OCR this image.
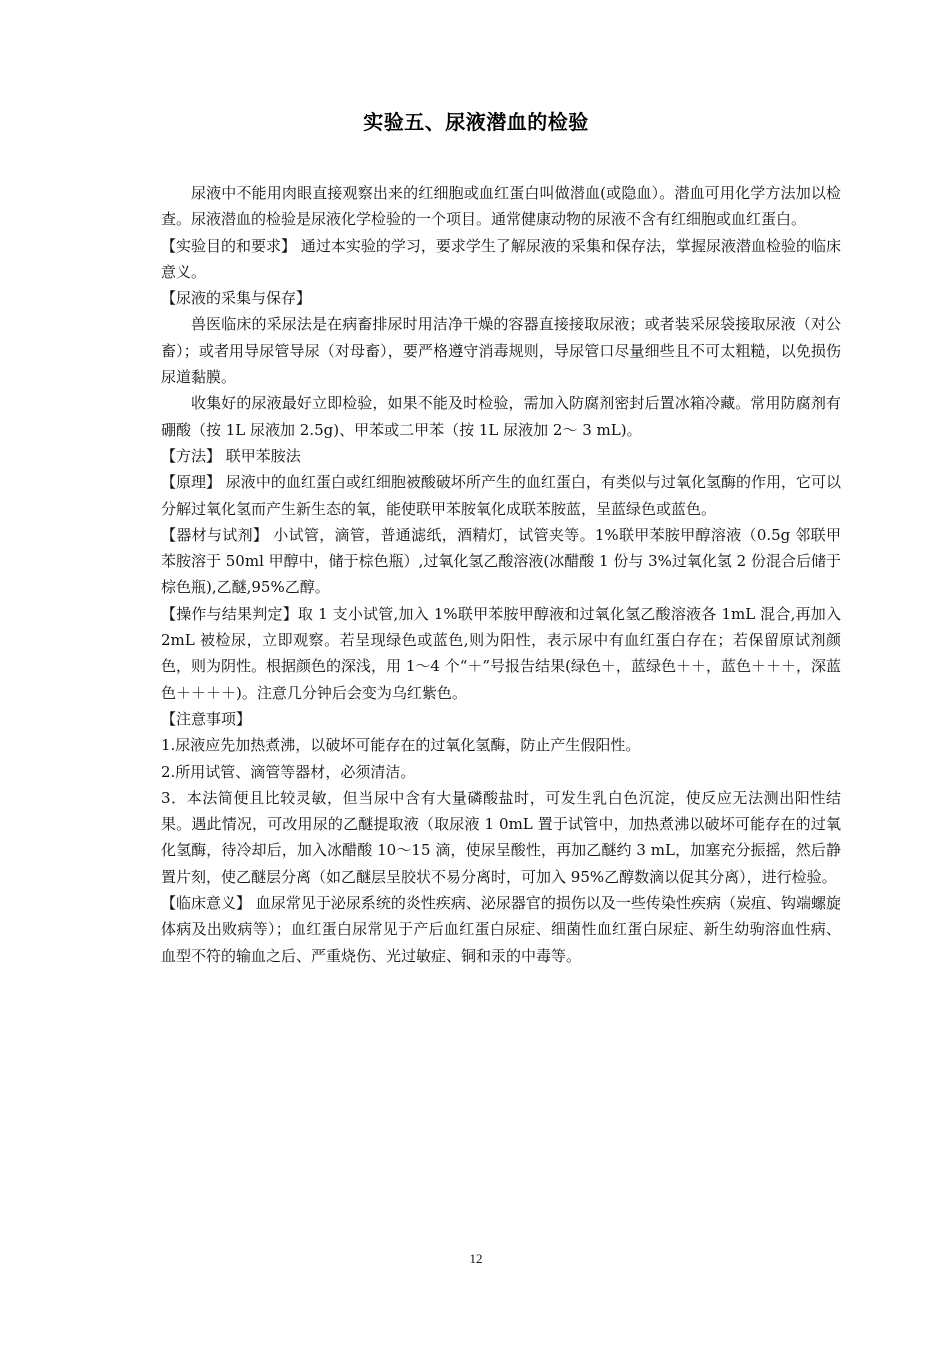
实验五、尿液潜血的检验

尿液中不能用肉眼直接观察出来的红细胞或血红蛋白叫做潜血(或隐血）。潜血可用化学方法加以检查。尿液潜血的检验是尿液化学检验的一个项目。通常健康动物的尿液不含有红细胞或血红蛋白。

【实验目的和要求】 通过本实验的学习，要求学生了解尿液的采集和保存法，掌握尿液潜血检验的临床意义。

【尿液的采集与保存】

兽医临床的采尿法是在病畜排尿时用洁净干燥的容器直接接取尿液；或者装采尿袋接取尿液（对公畜）；或者用导尿管导尿（对母畜），要严格遵守消毒规则，导尿管口尽量细些且不可太粗糙，以免损伤尿道黏膜。

收集好的尿液最好立即检验，如果不能及时检验，需加入防腐剂密封后置冰箱冷藏。常用防腐剂有硼酸（按 1L 尿液加 2.5g)、甲苯或二甲苯（按 1L 尿液加 2～ 3 mL)。

【方法】 联甲苯胺法

【原理】 尿液中的血红蛋白或红细胞被酸破坏所产生的血红蛋白，有类似与过氧化氢酶的作用，它可以分解过氧化氢而产生新生态的氧，能使联甲苯胺氧化成联苯胺蓝，呈蓝绿色或蓝色。

【器材与试剂】 小试管，滴管，普通滤纸，酒精灯，试管夹等。1%联甲苯胺甲醇溶液（0.5g 邻联甲苯胺溶于 50ml 甲醇中，储于棕色瓶）,过氧化氢乙酸溶液(冰醋酸 1 份与 3%过氧化氢 2 份混合后储于棕色瓶),乙醚,95%乙醇。

【操作与结果判定】取 1 支小试管,加入 1%联甲苯胺甲醇液和过氧化氢乙酸溶液各 1mL 混合,再加入 2mL 被检尿，立即观察。若呈现绿色或蓝色,则为阳性，表示尿中有血红蛋白存在；若保留原试剂颜色，则为阴性。根据颜色的深浅，用 1～4 个“＋”号报告结果(绿色＋，蓝绿色＋＋，蓝色＋＋＋，深蓝色＋＋＋＋)。注意几分钟后会变为乌红紫色。

【注意事项】

1.尿液应先加热煮沸，以破坏可能存在的过氧化氢酶，防止产生假阳性。

2.所用试管、滴管等器材，必须清洁。

3．本法简便且比较灵敏，但当尿中含有大量磷酸盐时，可发生乳白色沉淀，使反应无法测出阳性结果。遇此情况，可改用尿的乙醚提取液（取尿液 1 0mL 置于试管中，加热煮沸以破坏可能存在的过氧化氢酶，待冷却后，加入冰醋酸 10～15 滴，使尿呈酸性，再加乙醚约 3 mL，加塞充分振摇，然后静置片刻，使乙醚层分离（如乙醚层呈胶状不易分离时，可加入 95%乙醇数滴以促其分离），进行检验。

【临床意义】 血尿常见于泌尿系统的炎性疾病、泌尿器官的损伤以及一些传染性疾病（炭疽、钩端螺旋体病及出败病等）；血红蛋白尿常见于产后血红蛋白尿症、细菌性血红蛋白尿症、新生幼驹溶血性病、血型不符的输血之后、严重烧伤、光过敏症、铜和汞的中毒等。

12
